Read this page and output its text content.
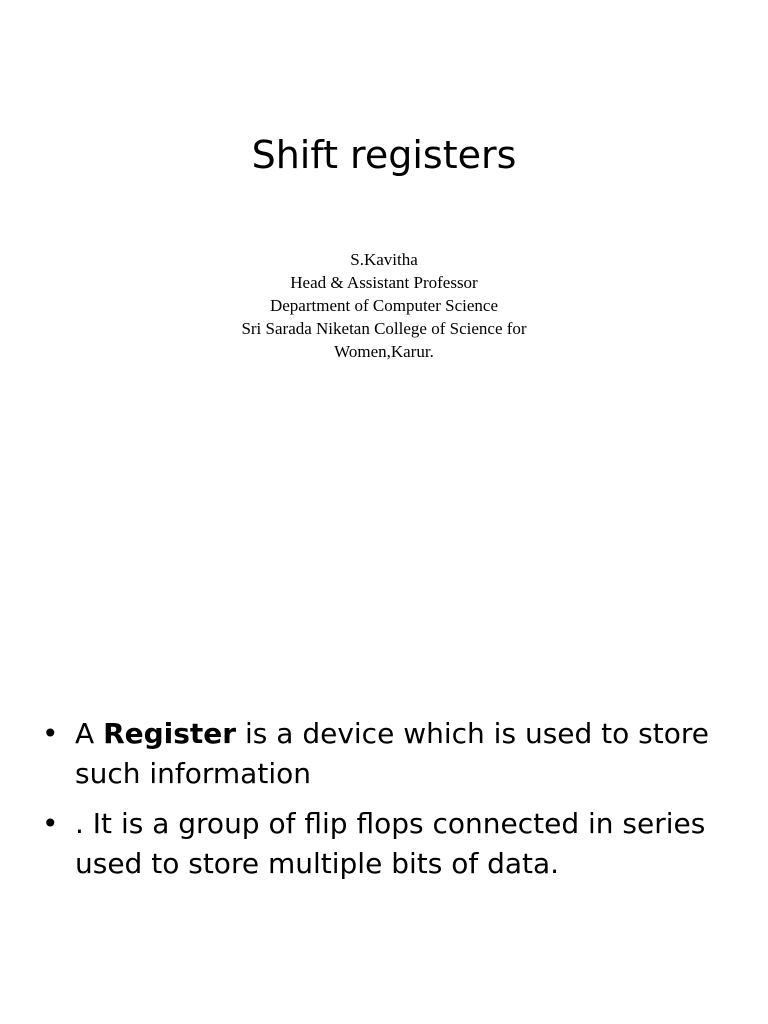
Shift registers
S.Kavitha
Head & Assistant Professor
Department of Computer Science
Sri Sarada Niketan College of Science for
Women,Karur.
• A Register is a device which is used to store such information
• . It is a group of flip flops connected in series used to store multiple bits of data.
